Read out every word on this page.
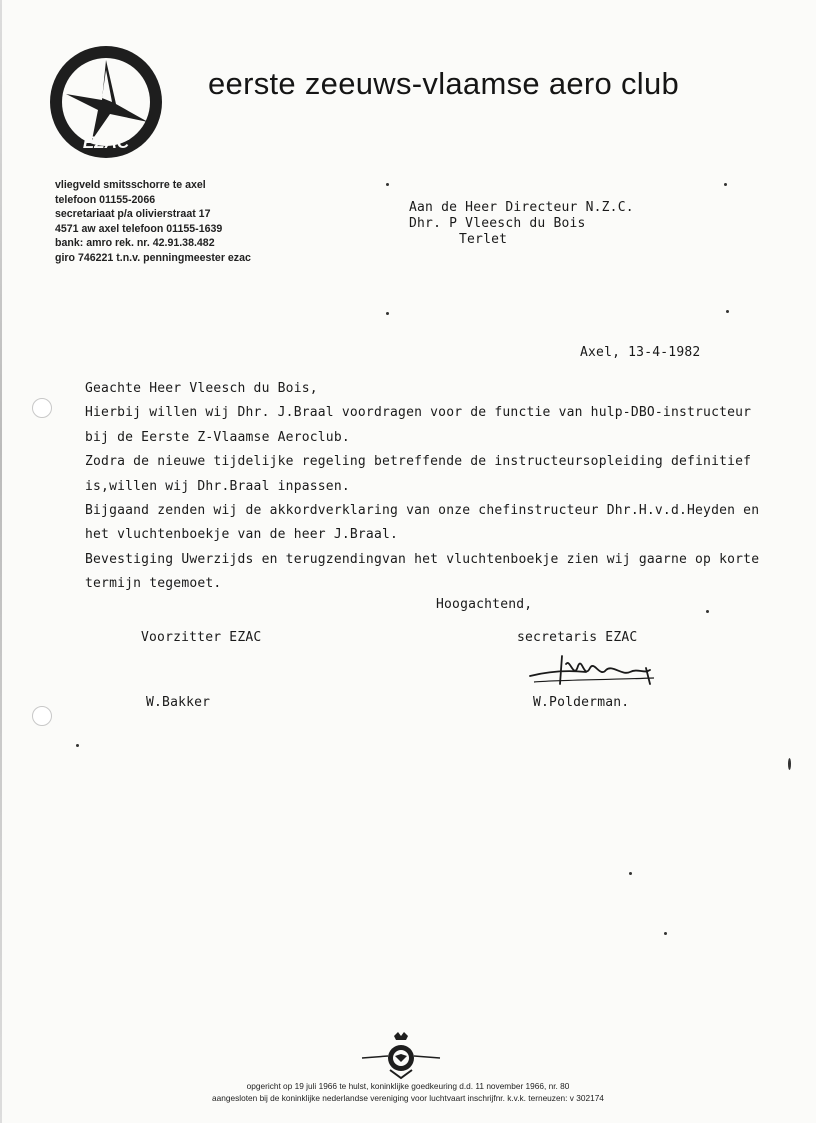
EZAC
eerste zeeuws-vlaamse aero club
vliegveld smitsschorre te axel
telefoon 01155-2066
secretariaat p/a olivierstraat 17
4571 aw axel telefoon 01155-1639
bank: amro rek. nr. 42.91.38.482
giro 746221 t.n.v. penningmeester ezac
Aan de Heer Directeur N.Z.C.
Dhr. P Vleesch du Bois
Terlet
Axel, 13-4-1982
Geachte Heer Vleesch du Bois,
Hierbij willen wij Dhr. J.Braal voordragen voor de functie van hulp-DBO-instructeur
bij de Eerste Z-Vlaamse Aeroclub.
Zodra de nieuwe tijdelijke regeling betreffende de instructeursopleiding definitief
is,willen wij Dhr.Braal inpassen.
Bijgaand zenden wij de akkordverklaring van onze chefinstructeur Dhr.H.v.d.Heyden en
het vluchtenboekje van de heer J.Braal.
Bevestiging Uwerzijds en terugzendingvan het vluchtenboekje zien wij gaarne op korte
termijn tegemoet.
Hoogachtend,
Voorzitter EZAC	secretaris EZAC
W.Bakker	W.Polderman.
opgericht op 19 juli 1966 te hulst, koninklijke goedkeuring d.d. 11 november 1966, nr. 80
aangesloten bij de koninklijke nederlandse vereniging voor luchtvaart inschrijfnr. k.v.k. terneuzen: v 302174
